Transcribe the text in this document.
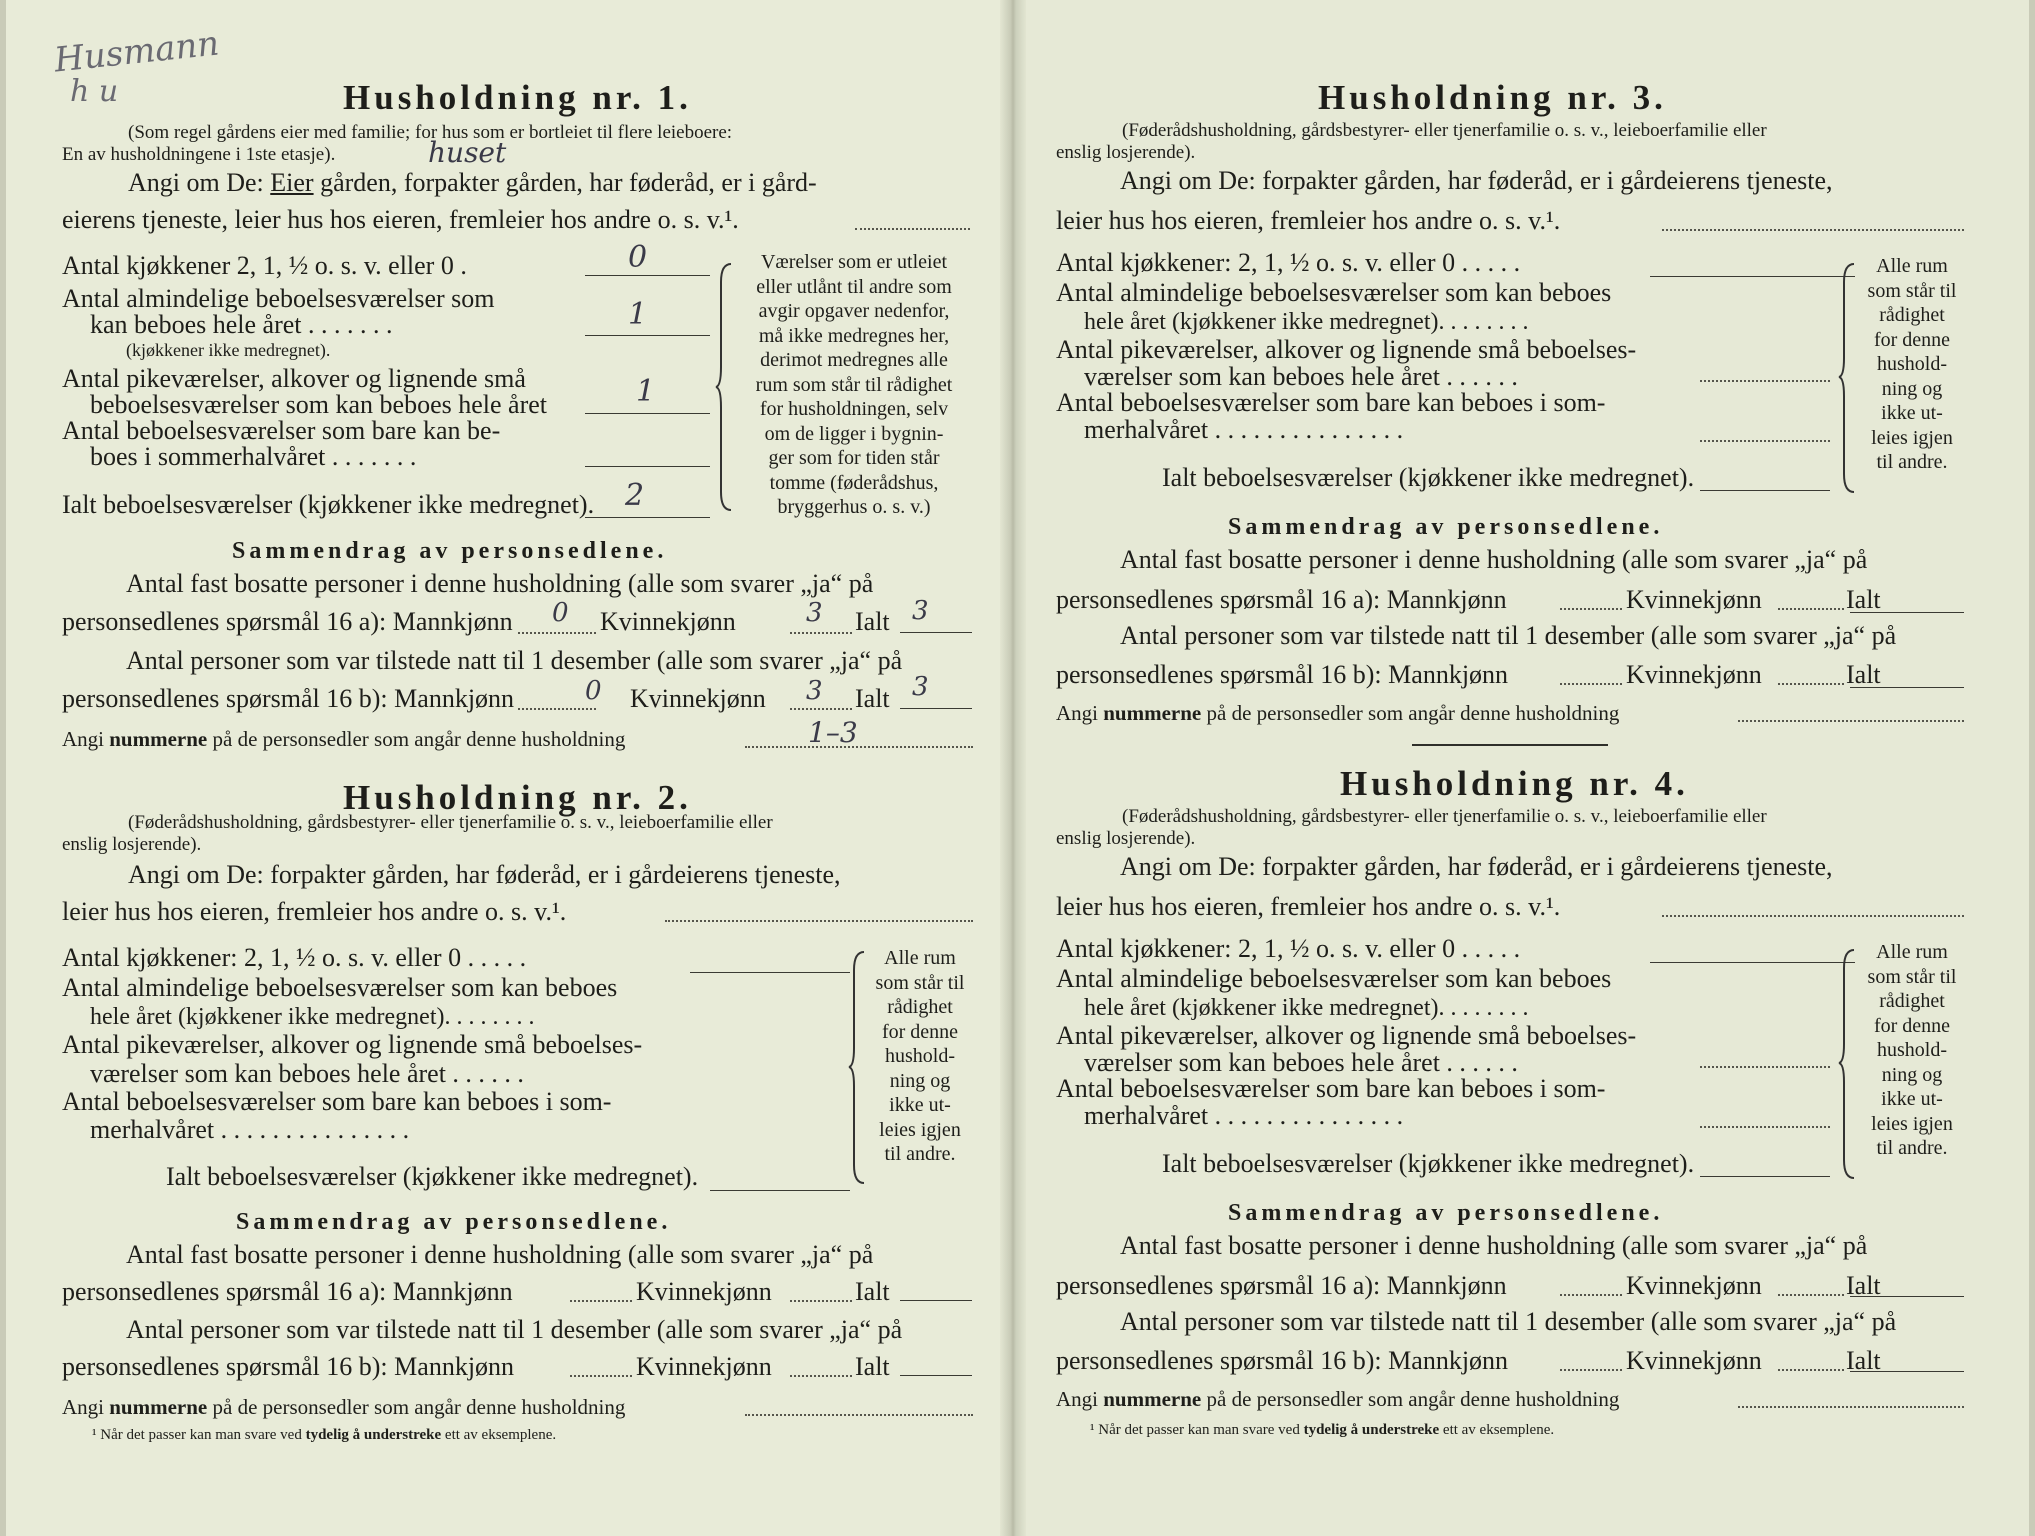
Husmann
h u	Husholdning nr. 1.
(Som regel gårdens eier med familie; for hus som er bortleiet til flere leieboere:
En av husholdningene i 1ste etasje).	huset
Angi om De: Eier gården, forpakter gården, har føderåd, er i gård-
eierens tjeneste, leier hus hos eieren, fremleier hos andre o. s. v.¹.
Antal kjøkkener 2, 1, ½ o. s. v. eller 0 .	0
Antal almindelige beboelsesværelser som
kan beboes hele året . . . . . . .
(kjøkkener ikke medregnet).
1
Antal pikeværelser, alkover og lignende små
beboelsesværelser som kan beboes hele året	1
Antal beboelsesværelser som bare kan be-
boes i sommerhalvåret . . . . . . .
Ialt beboelsesværelser (kjøkkener ikke medregnet). 2
Værelser som er utleiet
eller utlånt til andre som
avgir opgaver nedenfor,
må ikke medregnes her,
derimot medregnes alle
rum som står til rådighet
for husholdningen, selv
om de ligger i bygnin-
ger som for tiden står
tomme (føderådshus,
bryggerhus o. s. v.)
Sammendrag av personsedlene.
Antal fast bosatte personer i denne husholdning (alle som svarer „ja“ på
personsedlenes spørsmål 16 a): Mannkjønn 0 Kvinnekjønn	3 Ialt 3
Antal personer som var tilstede natt til 1 desember (alle som svarer „ja“ på
personsedlenes spørsmål 16 b): Mannkjønn	0 Kvinnekjønn 3 Ialt 3
Angi nummerne på de personsedler som angår denne husholdning	1–3
Husholdning nr. 2.
(Føderådshusholdning, gårdsbestyrer- eller tjenerfamilie o. s. v., leieboerfamilie eller
enslig losjerende).
Angi om De: forpakter gården, har føderåd, er i gårdeierens tjeneste,
leier hus hos eieren, fremleier hos andre o. s. v.¹.
Antal kjøkkener: 2, 1, ½ o. s. v. eller 0 . . . . .
Antal almindelige beboelsesværelser som kan beboes
hele året (kjøkkener ikke medregnet). . . . . . . .
Antal pikeværelser, alkover og lignende små beboelses-
værelser som kan beboes hele året . . . . . .
Antal beboelsesværelser som bare kan beboes i som-
merhalvåret . . . . . . . . . . . . . . .
Ialt beboelsesværelser (kjøkkener ikke medregnet).
Alle rum
som står til
rådighet
for denne
hushold-
ning og
ikke ut-
leies igjen
til andre.
Sammendrag av personsedlene.
Antal fast bosatte personer i denne husholdning (alle som svarer „ja“ på
personsedlenes spørsmål 16 a): Mannkjønn	Kvinnekjønn	Ialt
Antal personer som var tilstede natt til 1 desember (alle som svarer „ja“ på
personsedlenes spørsmål 16 b): Mannkjønn	Kvinnekjønn	Ialt
Angi nummerne på de personsedler som angår denne husholdning
¹ Når det passer kan man svare ved tydelig å understreke ett av eksemplene.
Husholdning nr. 3.
(Føderådshusholdning, gårdsbestyrer- eller tjenerfamilie o. s. v., leieboerfamilie eller
enslig losjerende).
Angi om De: forpakter gården, har føderåd, er i gårdeierens tjeneste,
leier hus hos eieren, fremleier hos andre o. s. v.¹.
Antal kjøkkener: 2, 1, ½ o. s. v. eller 0 . . . . .
Antal almindelige beboelsesværelser som kan beboes
hele året (kjøkkener ikke medregnet). . . . . . . .
Antal pikeværelser, alkover og lignende små beboelses-
værelser som kan beboes hele året . . . . . .
Antal beboelsesværelser som bare kan beboes i som-
merhalvåret . . . . . . . . . . . . . . .
Ialt beboelsesværelser (kjøkkener ikke medregnet).
Alle rum
som står til
rådighet
for denne
hushold-
ning og
ikke ut-
leies igjen
til andre.
Sammendrag av personsedlene.
Antal fast bosatte personer i denne husholdning (alle som svarer „ja“ på
personsedlenes spørsmål 16 a): Mannkjønn	Kvinnekjønn	Ialt
Antal personer som var tilstede natt til 1 desember (alle som svarer „ja“ på
personsedlenes spørsmål 16 b): Mannkjønn	Kvinnekjønn	Ialt
Angi nummerne på de personsedler som angår denne husholdning
Husholdning nr. 4.
(Føderådshusholdning, gårdsbestyrer- eller tjenerfamilie o. s. v., leieboerfamilie eller
enslig losjerende).
Angi om De: forpakter gården, har føderåd, er i gårdeierens tjeneste,
leier hus hos eieren, fremleier hos andre o. s. v.¹.
Antal kjøkkener: 2, 1, ½ o. s. v. eller 0 . . . . .
Antal almindelige beboelsesværelser som kan beboes
hele året (kjøkkener ikke medregnet). . . . . . . .
Antal pikeværelser, alkover og lignende små beboelses-
værelser som kan beboes hele året . . . . . .
Antal beboelsesværelser som bare kan beboes i som-
merhalvåret . . . . . . . . . . . . . . .
Ialt beboelsesværelser (kjøkkener ikke medregnet).
Alle rum
som står til
rådighet
for denne
hushold-
ning og
ikke ut-
leies igjen
til andre.
Sammendrag av personsedlene.
Antal fast bosatte personer i denne husholdning (alle som svarer „ja“ på
personsedlenes spørsmål 16 a): Mannkjønn	Kvinnekjønn	Ialt
Antal personer som var tilstede natt til 1 desember (alle som svarer „ja“ på
personsedlenes spørsmål 16 b): Mannkjønn	Kvinnekjønn	Ialt
Angi nummerne på de personsedler som angår denne husholdning
¹ Når det passer kan man svare ved tydelig å understreke ett av eksemplene.
